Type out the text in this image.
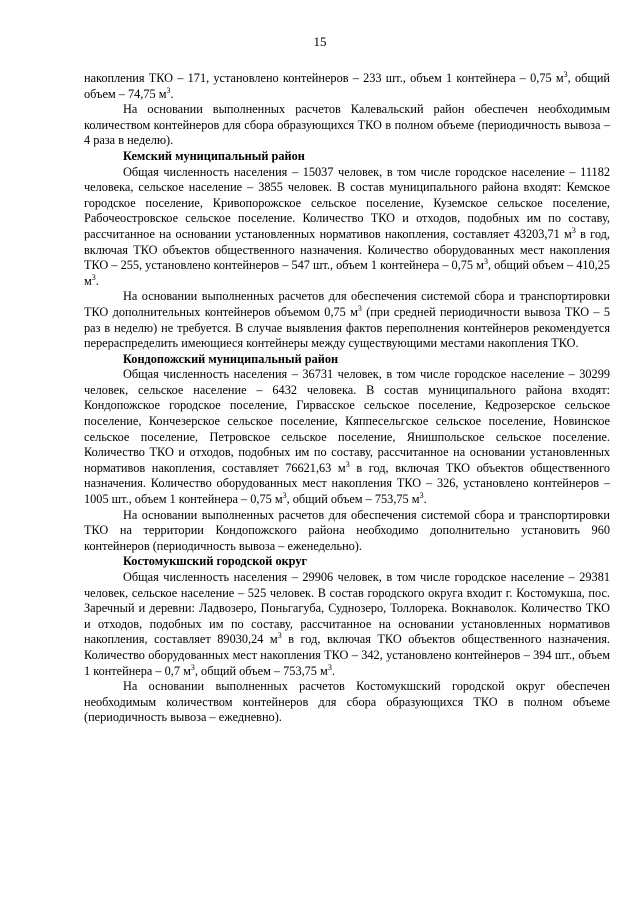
15

накопления ТКО – 171, установлено контейнеров – 233 шт., объем 1 контейнера – 0,75 $м^3$, общий объем – 74,75 $м^3$.

На основании выполненных расчетов Калевальский район обеспечен необходимым количеством контейнеров для сбора образующихся ТКО в полном объеме (периодичность вывоза – 4 раза в неделю).

Кемский муниципальный район

Общая численность населения – 15037 человек, в том числе городское население – 11182 человека, сельское население – 3855 человек. В состав муниципального района входят: Кемское городское поселение, Кривопорожское сельское поселение, Куземское сельское поселение, Рабочеостровское сельское поселение. Количество ТКО и отходов, подобных им по составу, рассчитанное на основании установленных нормативов накопления, составляет 43203,71 $м^3$ в год, включая ТКО объектов общественного назначения. Количество оборудованных мест накопления ТКО – 255, установлено контейнеров – 547 шт., объем 1 контейнера – 0,75 $м^3$, общий объем – 410,25 $м^3$.

На основании выполненных расчетов для обеспечения системой сбора и транспортировки ТКО дополнительных контейнеров объемом 0,75 $м^3$ (при средней периодичности вывоза ТКО – 5 раз в неделю) не требуется. В случае выявления фактов переполнения контейнеров рекомендуется перераспределить имеющиеся контейнеры между существующими местами накопления ТКО.

Кондопожский муниципальный район

Общая численность населения – 36731 человек, в том числе городское население – 30299 человек, сельское население – 6432 человека. В состав муниципального района входят: Кондопожское городское поселение, Гирвасское сельское поселение, Кедрозерское сельское поселение, Кончезерское сельское поселение, Кяппесельгское сельское поселение, Новинское сельское поселение, Петровское сельское поселение, Янишпольское сельское поселение. Количество ТКО и отходов, подобных им по составу, рассчитанное на основании установленных нормативов накопления, составляет 76621,63 $м^3$ в год, включая ТКО объектов общественного назначения. Количество оборудованных мест накопления ТКО – 326, установлено контейнеров – 1005 шт., объем 1 контейнера – 0,75 $м^3$, общий объем – 753,75 $м^3$.

На основании выполненных расчетов для обеспечения системой сбора и транспортировки ТКО на территории Кондопожского района необходимо дополнительно установить 960 контейнеров (периодичность вывоза – еженедельно).

Костомукшский городской округ

Общая численность населения – 29906 человек, в том числе городское население – 29381 человек, сельское население – 525 человек. В состав городского округа входит г. Костомукша, пос. Заречный и деревни: Ладвозеро, Поньгагуба, Суднозеро, Толлорека. Вокнаволок. Количество ТКО и отходов, подобных им по составу, рассчитанное на основании установленных нормативов накопления, составляет 89030,24 $м^3$ в год, включая ТКО объектов общественного назначения. Количество оборудованных мест накопления ТКО – 342, установлено контейнеров – 394 шт., объем 1 контейнера – 0,7 $м^3$, общий объем – 753,75 $м^3$.

На основании выполненных расчетов Костомукшский городской округ обеспечен необходимым количеством контейнеров для сбора образующихся ТКО в полном объеме (периодичность вывоза – ежедневно).
